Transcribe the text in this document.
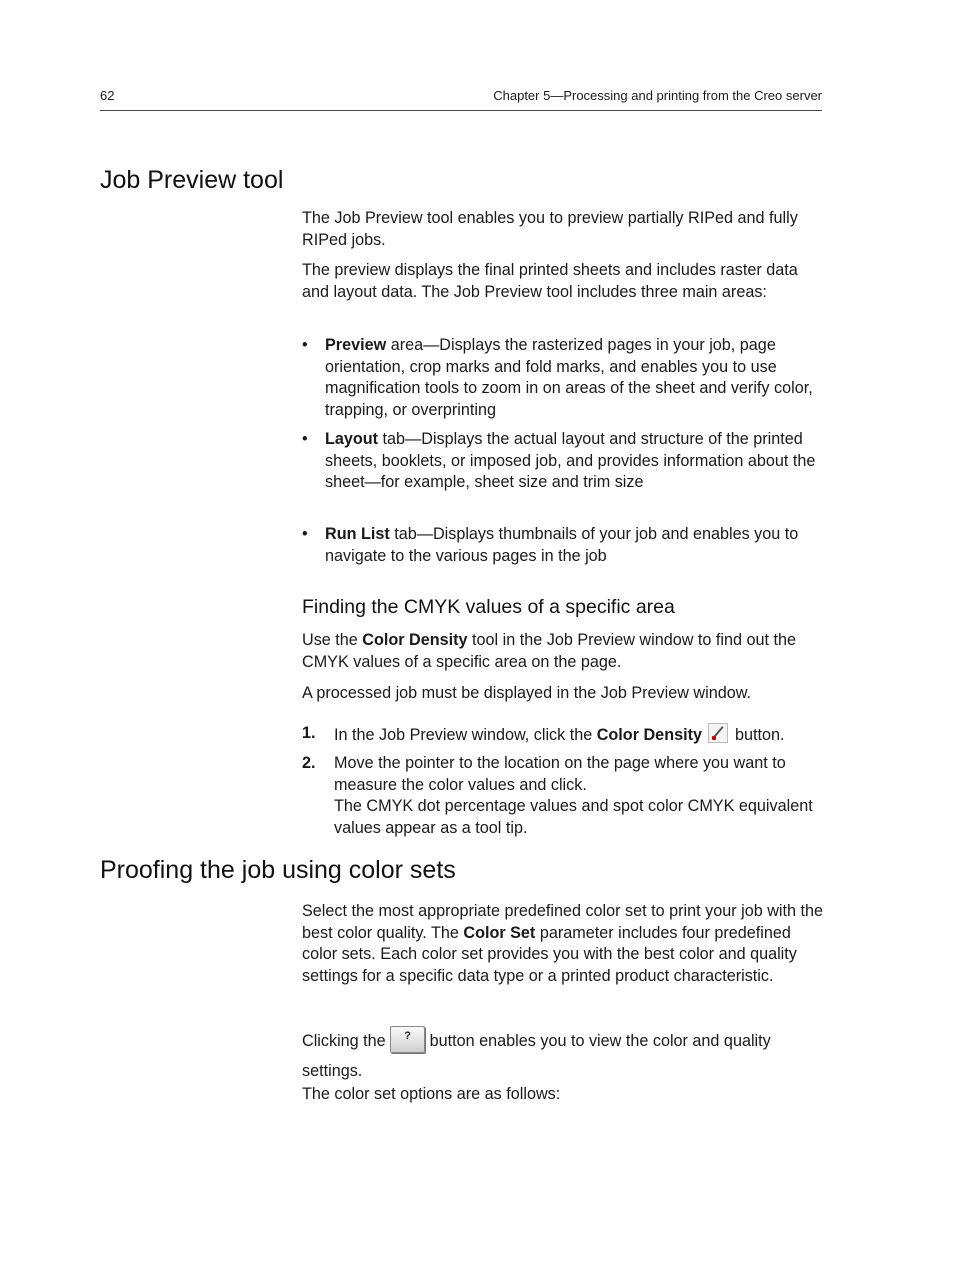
62	Chapter 5—Processing and printing from the Creo server
Job Preview tool

The Job Preview tool enables you to preview partially RIPed and fully RIPed jobs.

The preview displays the final printed sheets and includes raster data and layout data. The Job Preview tool includes three main areas:

• Preview area—Displays the rasterized pages in your job, page orientation, crop marks and fold marks, and enables you to use magnification tools to zoom in on areas of the sheet and verify color, trapping, or overprinting
• Layout tab—Displays the actual layout and structure of the printed sheets, booklets, or imposed job, and provides information about the sheet—for example, sheet size and trim size
• Run List tab—Displays thumbnails of your job and enables you to navigate to the various pages in the job
Finding the CMYK values of a specific area

Use the Color Density tool in the Job Preview window to find out the CMYK values of a specific area on the page.

A processed job must be displayed in the Job Preview window.

1. In the Job Preview window, click the Color Density  button.
2. Move the pointer to the location on the page where you want to measure the color values and click.
The CMYK dot percentage values and spot color CMYK equivalent values appear as a tool tip.
Proofing the job using color sets

Select the most appropriate predefined color set to print your job with the best color quality. The Color Set parameter includes four predefined color sets. Each color set provides you with the best color and quality settings for a specific data type or a printed product characteristic.

Clicking the ? button enables you to view the color and quality settings.

The color set options are as follows:
